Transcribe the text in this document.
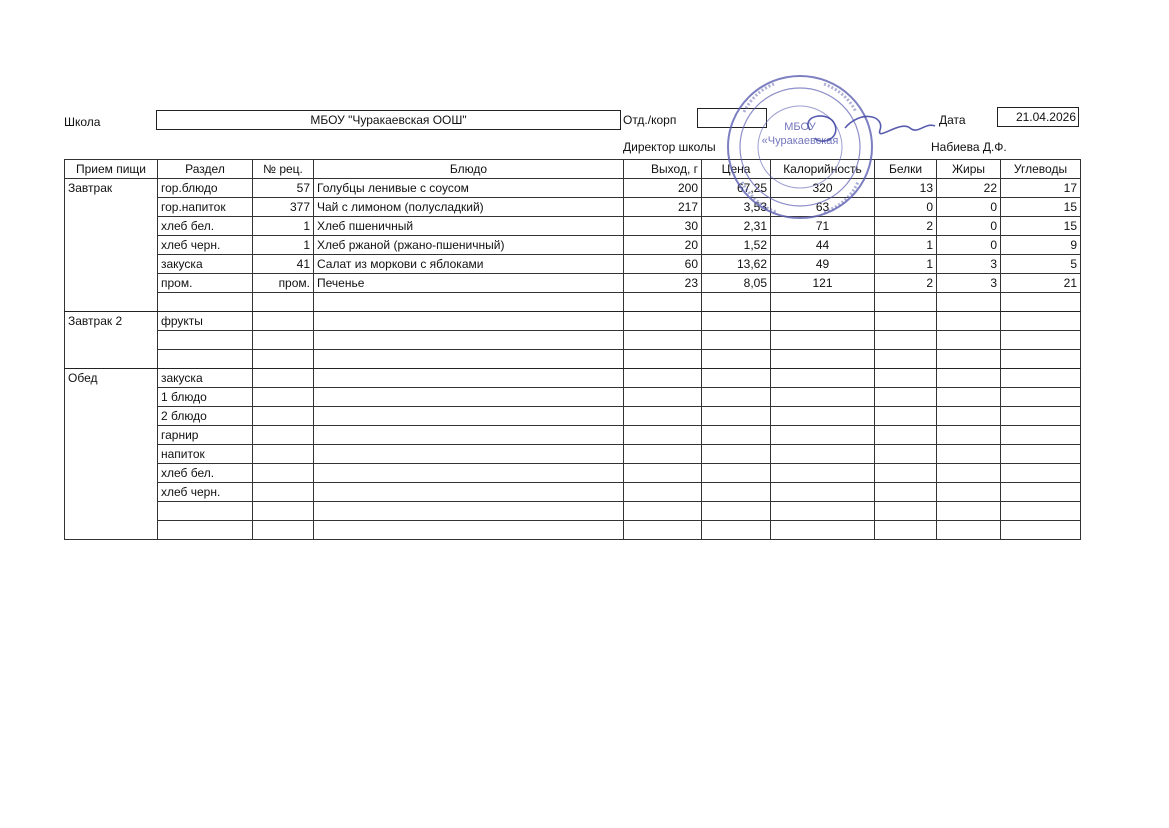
Школа	МБОУ "Чуракаевская ООШ"	Отд./корп	Дата	21.04.2026
Директор школы	Набиева Д.Ф.
Прием пищи	Раздел	№ рец.	Блюдо	Выход, г	Цена	Калорийность	Белки	Жиры	Углеводы
Завтрак	гор.блюдо	57	Голубцы ленивые с соусом	200	67,25	320	13	22	17
	гор.напиток	377	Чай с лимоном (полусладкий)	217	3,53	63	0	0	15
	хлеб бел.	1	Хлеб пшеничный	30	2,31	71	2	0	15
	хлеб черн.	1	Хлеб ржаной (ржано-пшеничный)	20	1,52	44	1	0	9
	закуска	41	Салат из моркови с яблоками	60	13,62	49	1	3	5
	пром.	пром.	Печенье	23	8,05	121	2	3	21

Завтрак 2	фрукты								

Обед	закуска								
	1 блюдо								
	2 блюдо								
	гарнир								
	напиток								
	хлеб бел.								
	хлеб черн.								

МБОУ
«Чуракаевская
